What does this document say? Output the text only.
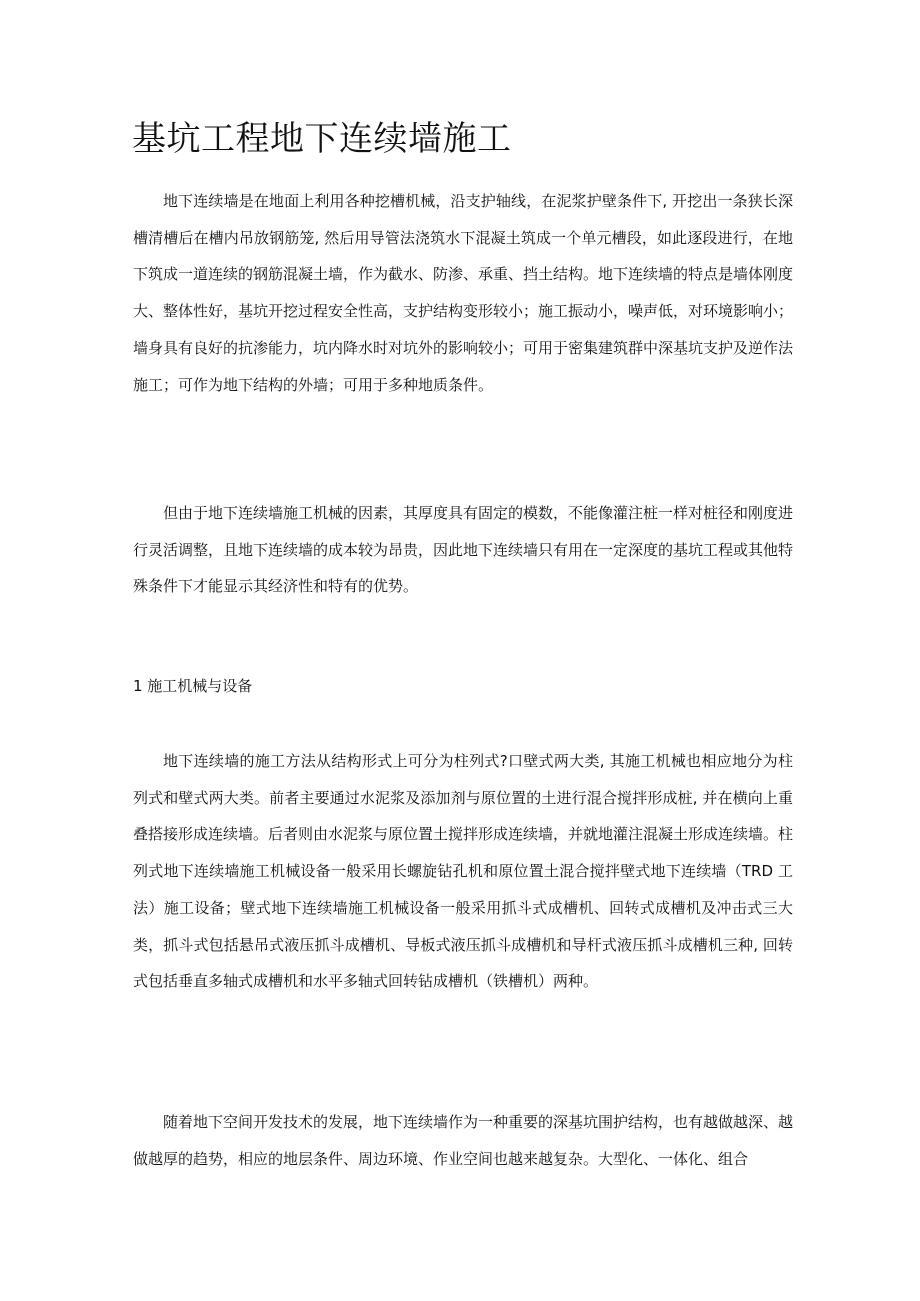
基坑工程地下连续墙施工

地下连续墙是在地面上利用各种挖槽机械，沿支护轴线，在泥浆护壁条件下, 开挖出一条狭长深槽清槽后在槽内吊放钢筋笼, 然后用导管法浇筑水下混凝土筑成一个单元槽段，如此逐段进行，在地下筑成一道连续的钢筋混凝土墙，作为截水、防渗、承重、挡土结构。地下连续墙的特点是墙体刚度大、整体性好，基坑开挖过程安全性高，支护结构变形较小；施工振动小，噪声低，对环境影响小；墙身具有良好的抗渗能力，坑内降水时对坑外的影响较小；可用于密集建筑群中深基坑支护及逆作法施工；可作为地下结构的外墙；可用于多种地质条件。

但由于地下连续墙施工机械的因素，其厚度具有固定的模数，不能像灌注桩一样对桩径和刚度进行灵活调整，且地下连续墙的成本较为昂贵，因此地下连续墙只有用在一定深度的基坑工程或其他特殊条件下才能显示其经济性和特有的优势。

1 施工机械与设备

地下连续墙的施工方法从结构形式上可分为柱列式?口壁式两大类, 其施工机械也相应地分为柱列式和壁式两大类。前者主要通过水泥浆及添加剂与原位置的土进行混合搅拌形成桩, 并在横向上重叠搭接形成连续墙。后者则由水泥浆与原位置土搅拌形成连续墙，并就地灌注混凝土形成连续墙。柱列式地下连续墙施工机械设备一般采用长螺旋钻孔机和原位置土混合搅拌壁式地下连续墙（TRD 工法）施工设备；壁式地下连续墙施工机械设备一般采用抓斗式成槽机、回转式成槽机及冲击式三大类，抓斗式包括悬吊式液压抓斗成槽机、导板式液压抓斗成槽机和导杆式液压抓斗成槽机三种, 回转式包括垂直多轴式成槽机和水平多轴式回转钻成槽机（铁槽机）两种。

随着地下空间开发技术的发展，地下连续墙作为一种重要的深基坑围护结构，也有越做越深、越做越厚的趋势，相应的地层条件、周边环境、作业空间也越来越复杂。大型化、一体化、组合
